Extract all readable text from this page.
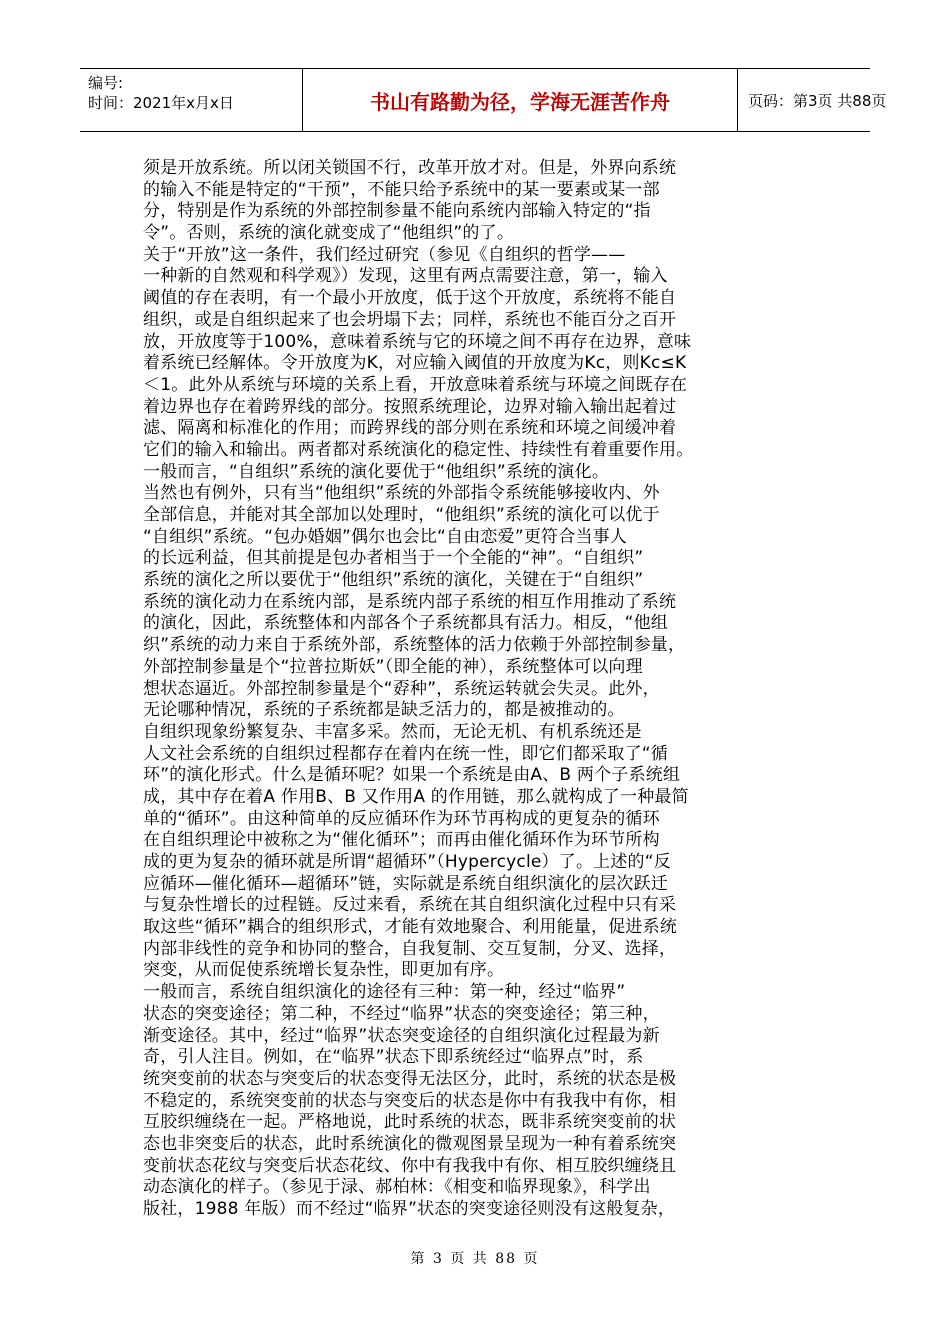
编号:
时间：2021年x月x日	书山有路勤为径，学海无涯苦作舟	页码：第3页 共88页
须是开放系统。所以闭关锁国不行，改革开放才对。但是，外界向系统
的输入不能是特定的“干预”，不能只给予系统中的某一要素或某一部
分，特别是作为系统的外部控制参量不能向系统内部输入特定的“指
令”。否则，系统的演化就变成了“他组织”的了。
关于“开放”这一条件，我们经过研究（参见《自组织的哲学——
一种新的自然观和科学观》）发现，这里有两点需要注意，第一，输入
阈值的存在表明，有一个最小开放度，低于这个开放度，系统将不能自
组织，或是自组织起来了也会坍塌下去；同样，系统也不能百分之百开
放，开放度等于100%，意味着系统与它的环境之间不再存在边界，意味
着系统已经解体。令开放度为K，对应输入阈值的开放度为Kc，则Kc≤K
＜1。此外从系统与环境的关系上看，开放意味着系统与环境之间既存在
着边界也存在着跨界线的部分。按照系统理论，边界对输入输出起着过
滤、隔离和标准化的作用；而跨界线的部分则在系统和环境之间缓冲着
它们的输入和输出。两者都对系统演化的稳定性、持续性有着重要作用。
一般而言，“自组织”系统的演化要优于“他组织”系统的演化。
当然也有例外，只有当“他组织”系统的外部指令系统能够接收内、外
全部信息，并能对其全部加以处理时，“他组织”系统的演化可以优于
“自组织”系统。“包办婚姻”偶尔也会比“自由恋爱”更符合当事人
的长远利益，但其前提是包办者相当于一个全能的“神”。“自组织”
系统的演化之所以要优于“他组织”系统的演化，关键在于“自组织”
系统的演化动力在系统内部，是系统内部子系统的相互作用推动了系统
的演化，因此，系统整体和内部各个子系统都具有活力。相反，“他组
织”系统的动力来自于系统外部，系统整体的活力依赖于外部控制参量，
外部控制参量是个“拉普拉斯妖”（即全能的神），系统整体可以向理
想状态逼近。外部控制参量是个“孬种”，系统运转就会失灵。此外，
无论哪种情况，系统的子系统都是缺乏活力的，都是被推动的。
自组织现象纷繁复杂、丰富多采。然而，无论无机、有机系统还是
人文社会系统的自组织过程都存在着内在统一性，即它们都采取了“循
环”的演化形式。什么是循环呢？如果一个系统是由A、B 两个子系统组
成，其中存在着A 作用B、B 又作用A 的作用链，那么就构成了一种最简
单的“循环”。由这种简单的反应循环作为环节再构成的更复杂的循环
在自组织理论中被称之为“催化循环”；而再由催化循环作为环节所构
成的更为复杂的循环就是所谓“超循环”（Hypercycle）了。上述的“反
应循环—催化循环—超循环”链，实际就是系统自组织演化的层次跃迁
与复杂性增长的过程链。反过来看，系统在其自组织演化过程中只有采
取这些“循环”耦合的组织形式，才能有效地聚合、利用能量，促进系统
内部非线性的竞争和协同的整合，自我复制、交互复制，分叉、选择，
突变，从而促使系统增长复杂性，即更加有序。
一般而言，系统自组织演化的途径有三种：第一种，经过“临界”
状态的突变途径；第二种，不经过“临界”状态的突变途径；第三种，
渐变途径。其中，经过“临界”状态突变途径的自组织演化过程最为新
奇，引人注目。例如，在“临界”状态下即系统经过“临界点”时，系
统突变前的状态与突变后的状态变得无法区分，此时，系统的状态是极
不稳定的，系统突变前的状态与突变后的状态是你中有我我中有你，相
互胶织缠绕在一起。严格地说，此时系统的状态，既非系统突变前的状
态也非突变后的状态，此时系统演化的微观图景呈现为一种有着系统突
变前状态花纹与突变后状态花纹、你中有我我中有你、相互胶织缠绕且
动态演化的样子。（参见于渌、郝柏林：《相变和临界现象》，科学出
版社，1988 年版）而不经过“临界”状态的突变途径则没有这般复杂，
第 3 页 共 88 页
